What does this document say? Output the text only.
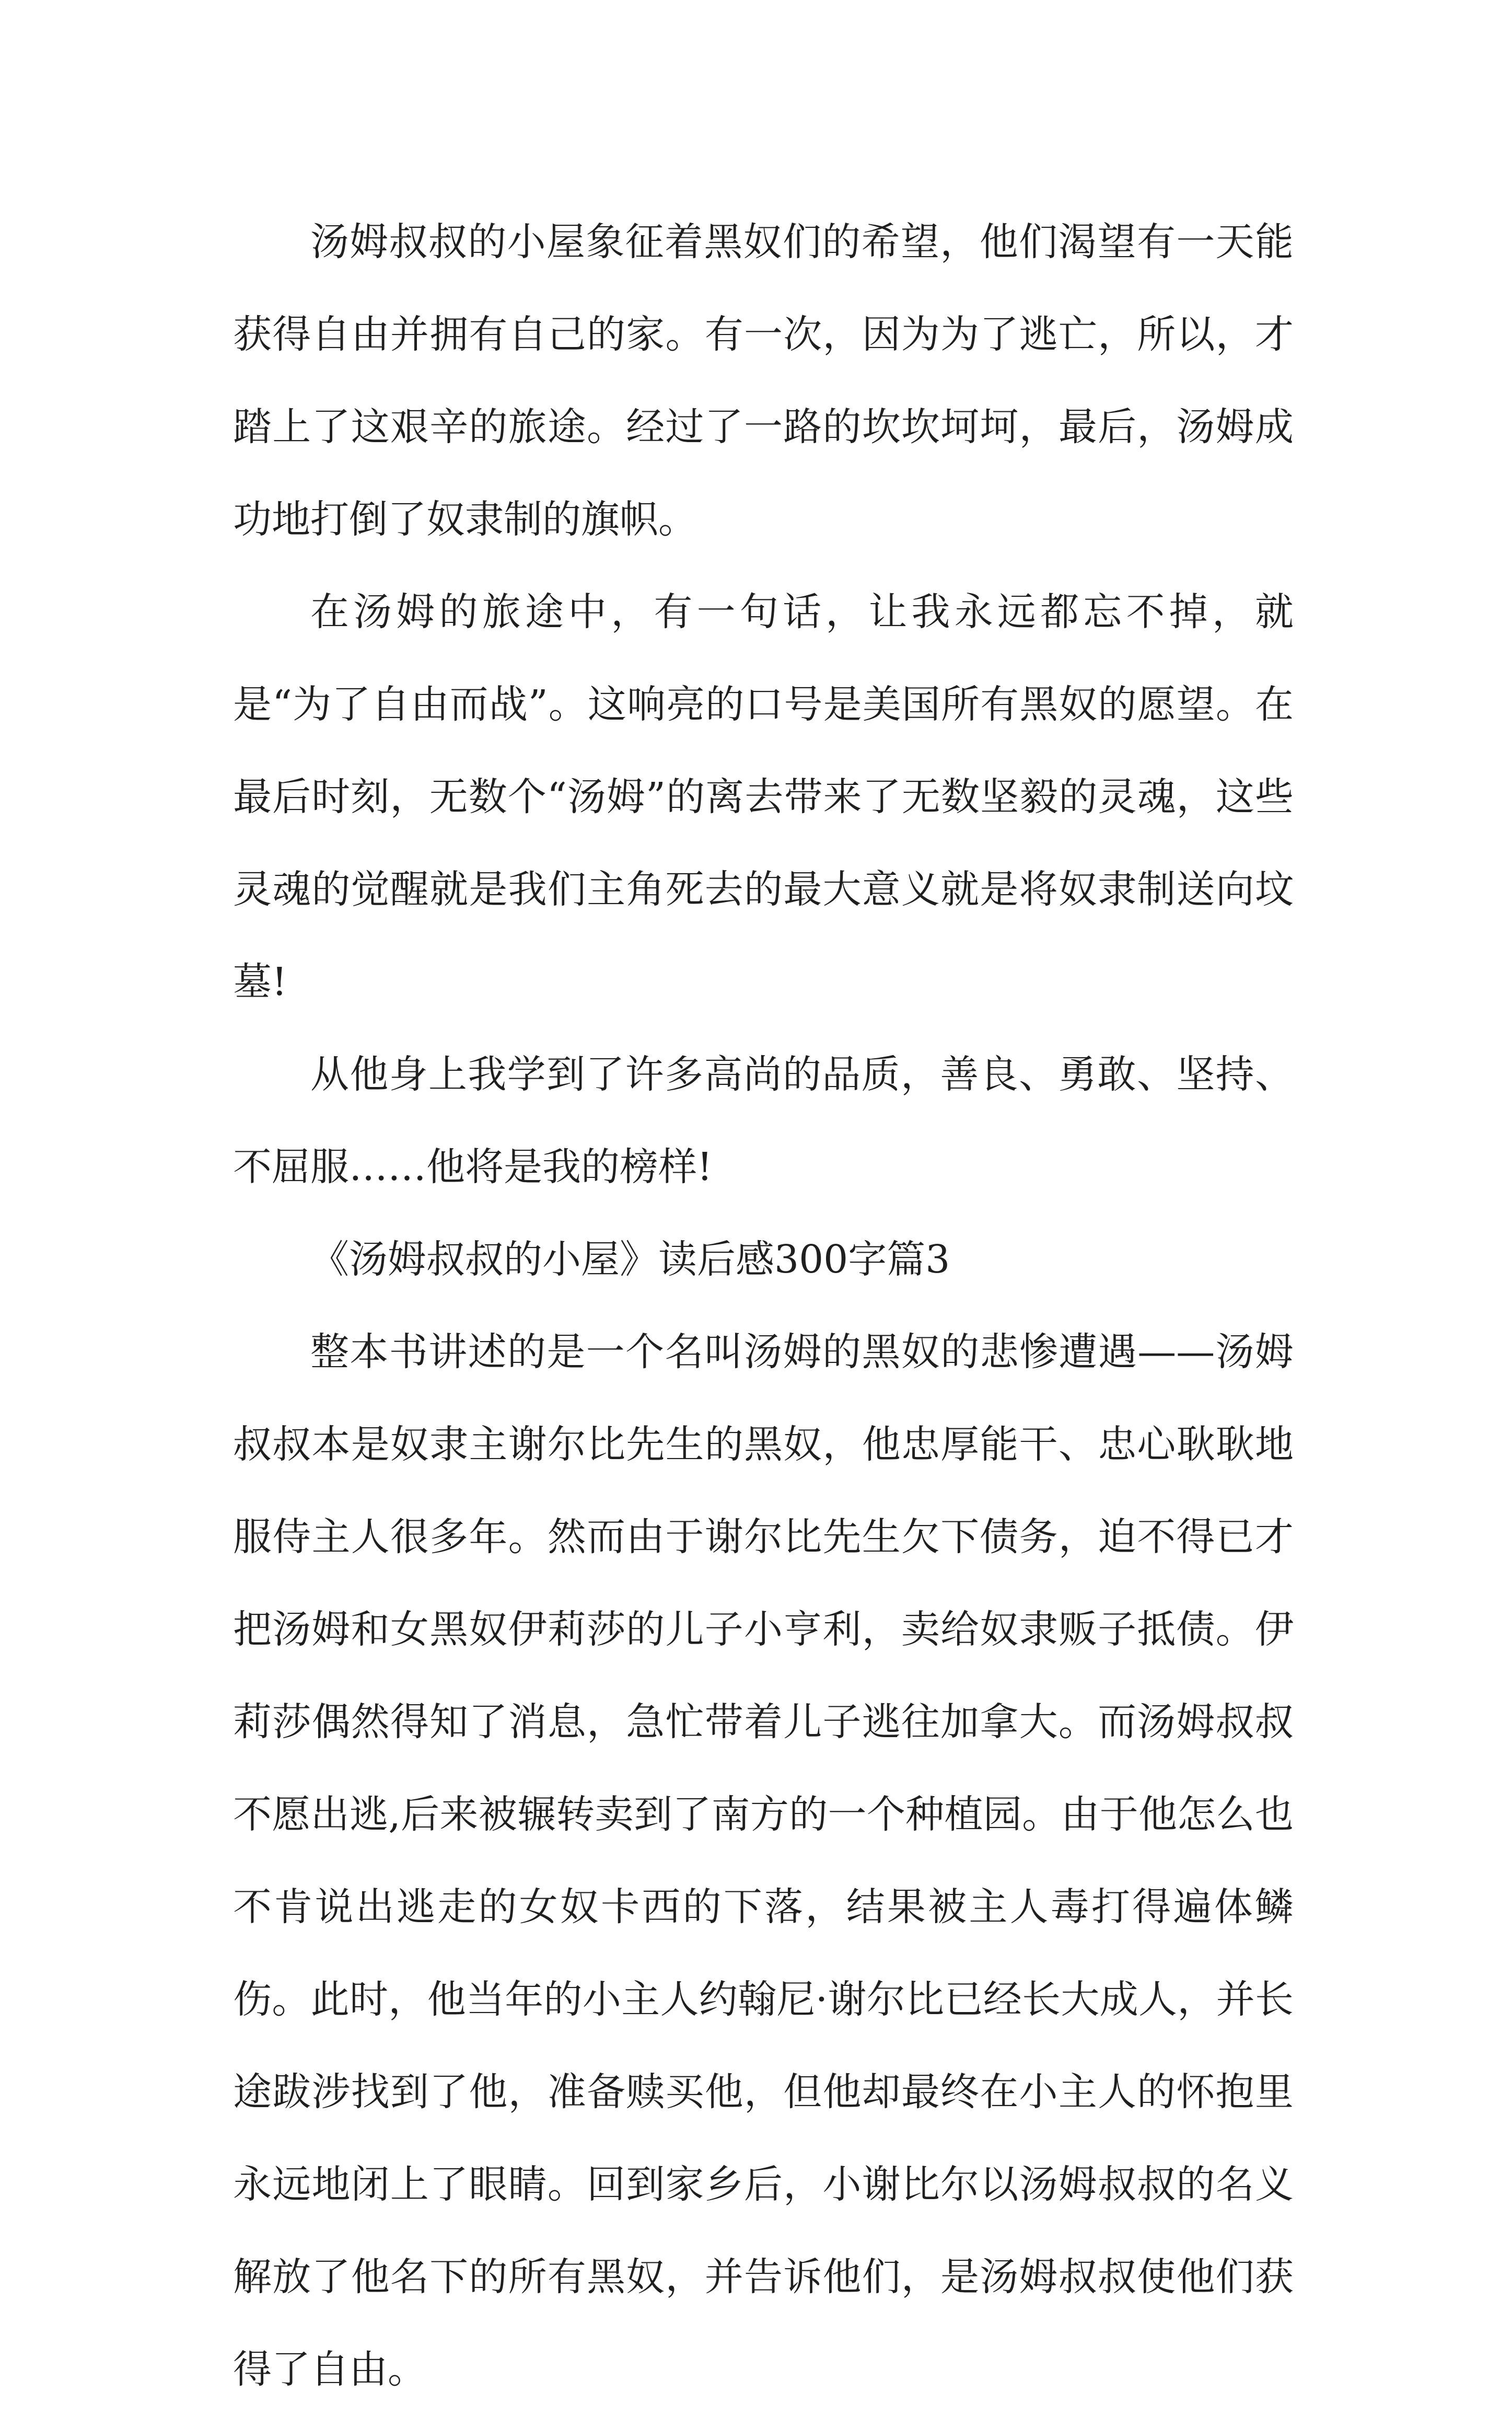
汤姆叔叔的小屋象征着黑奴们的希望，他们渴望有一天能获得自由并拥有自己的家。有一次，因为为了逃亡，所以，才踏上了这艰辛的旅途。经过了一路的坎坎坷坷，最后，汤姆成功地打倒了奴隶制的旗帜。

在汤姆的旅途中，有一句话，让我永远都忘不掉，就是“为了自由而战”。这响亮的口号是美国所有黑奴的愿望。在最后时刻，无数个“汤姆”的离去带来了无数坚毅的灵魂，这些灵魂的觉醒就是我们主角死去的最大意义就是将奴隶制送向坟墓!

从他身上我学到了许多高尚的品质，善良、勇敢、坚持、不屈服……他将是我的榜样!

《汤姆叔叔的小屋》读后感300字篇3

整本书讲述的是一个名叫汤姆的黑奴的悲惨遭遇——汤姆叔叔本是奴隶主谢尔比先生的黑奴，他忠厚能干、忠心耿耿地服侍主人很多年。然而由于谢尔比先生欠下债务，迫不得已才把汤姆和女黑奴伊莉莎的儿子小亨利，卖给奴隶贩子抵债。伊莉莎偶然得知了消息，急忙带着儿子逃往加拿大。而汤姆叔叔不愿出逃,后来被辗转卖到了南方的一个种植园。由于他怎么也不肯说出逃走的女奴卡西的下落，结果被主人毒打得遍体鳞伤。此时，他当年的小主人约翰尼·谢尔比已经长大成人，并长途跋涉找到了他，准备赎买他，但他却最终在小主人的怀抱里永远地闭上了眼睛。回到家乡后，小谢比尔以汤姆叔叔的名义解放了他名下的所有黑奴，并告诉他们，是汤姆叔叔使他们获得了自由。
